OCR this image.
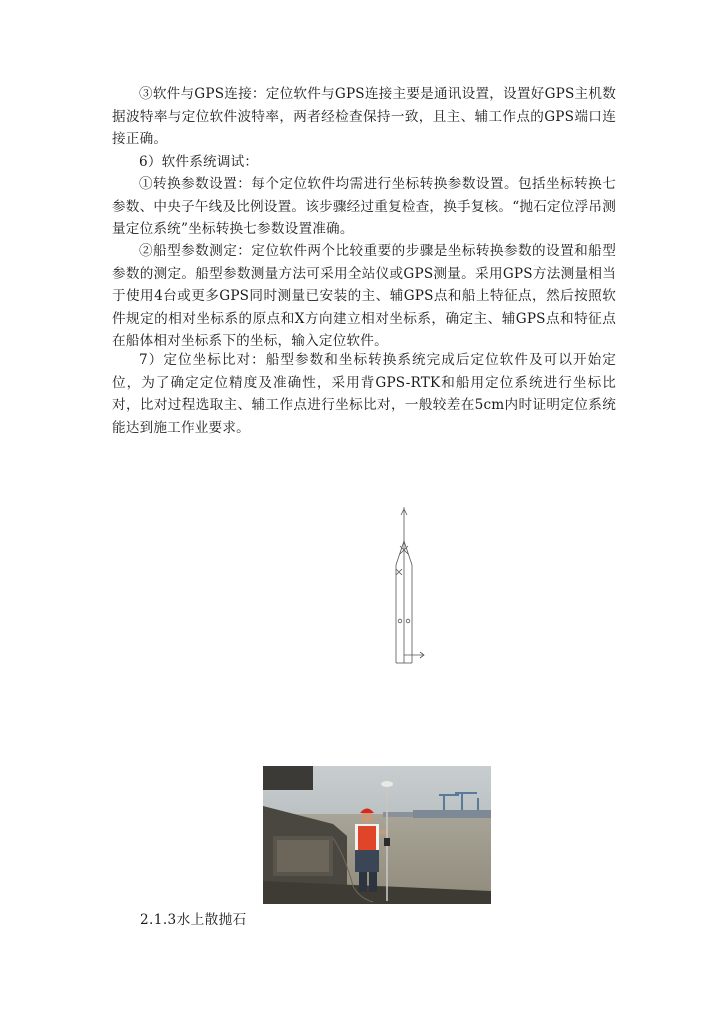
③软件与GPS连接：定位软件与GPS连接主要是通讯设置，设置好GPS主机数据波特率与定位软件波特率，两者经检查保持一致，且主、辅工作点的GPS端口连接正确。

6）软件系统调试：

①转换参数设置：每个定位软件均需进行坐标转换参数设置。包括坐标转换七参数、中央子午线及比例设置。该步骤经过重复检查，换手复核。“抛石定位浮吊测量定位系统”坐标转换七参数设置准确。

②船型参数测定：定位软件两个比较重要的步骤是坐标转换参数的设置和船型参数的测定。船型参数测量方法可采用全站仪或GPS测量。采用GPS方法测量相当于使用4台或更多GPS同时测量已安装的主、辅GPS点和船上特征点，然后按照软件规定的相对坐标系的原点和X方向建立相对坐标系，确定主、辅GPS点和特征点在船体相对坐标系下的坐标，输入定位软件。

7）定位坐标比对：船型参数和坐标转换系统完成后定位软件及可以开始定位，为了确定定位精度及准确性，采用背GPS-RTK和船用定位系统进行坐标比对，比对过程选取主、辅工作点进行坐标比对，一般较差在5cm内时证明定位系统能达到施工作业要求。

2.1.3水上散抛石
